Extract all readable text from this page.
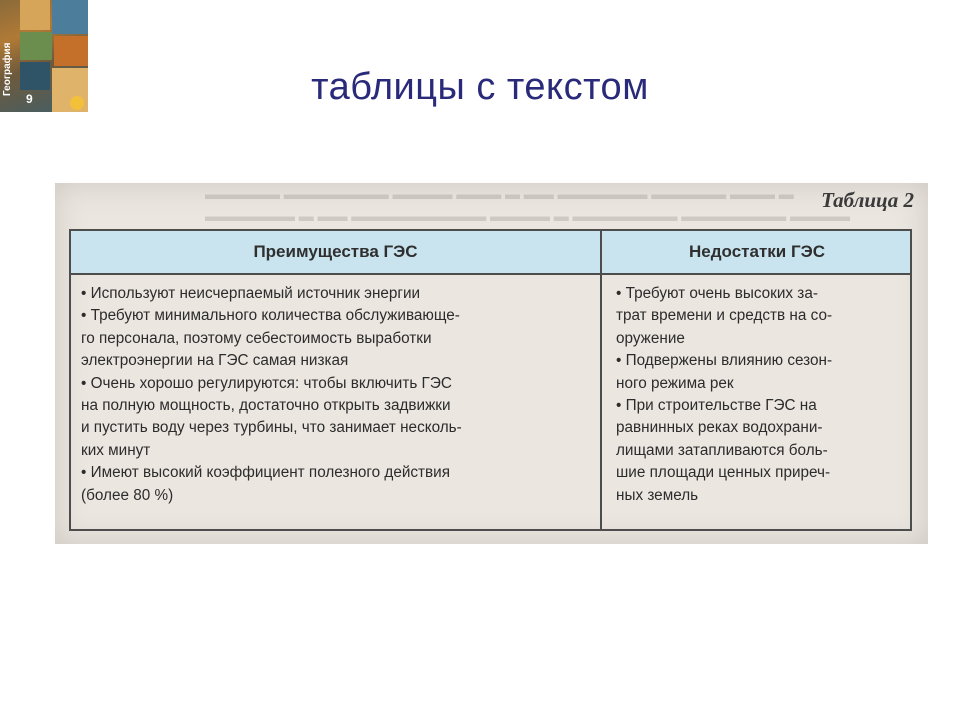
География
9	таблицы с текстом
▬▬▬▬▬ ▬▬▬▬▬▬▬ ▬▬▬▬ ▬▬▬ ▬ ▬▬ ▬▬▬▬▬▬ ▬▬▬▬▬ ▬▬▬ ▬
▬▬▬▬▬▬ ▬ ▬▬ ▬▬▬▬▬▬▬▬▬ ▬▬▬▬ ▬ ▬▬▬▬▬▬▬ ▬▬▬▬▬▬▬ ▬▬▬▬
Таблица 2
Преимущества ГЭС	Недостатки ГЭС
• Используют неисчерпаемый источник энергии
• Требуют минимального количества обслуживающе-
го персонала, поэтому себестоимость выработки
электроэнергии на ГЭС самая низкая
• Очень хорошо регулируются: чтобы включить ГЭС
на полную мощность, достаточно открыть задвижки
и пустить воду через турбины, что занимает несколь-
ких минут
• Имеют высокий коэффициент полезного действия
(более 80 %)
• Требуют очень высоких за-
трат времени и средств на со-
оружение
• Подвержены влиянию сезон-
ного режима рек
• При строительстве ГЭС на
равнинных реках водохрани-
лищами затапливаются боль-
шие площади ценных приреч-
ных земель
